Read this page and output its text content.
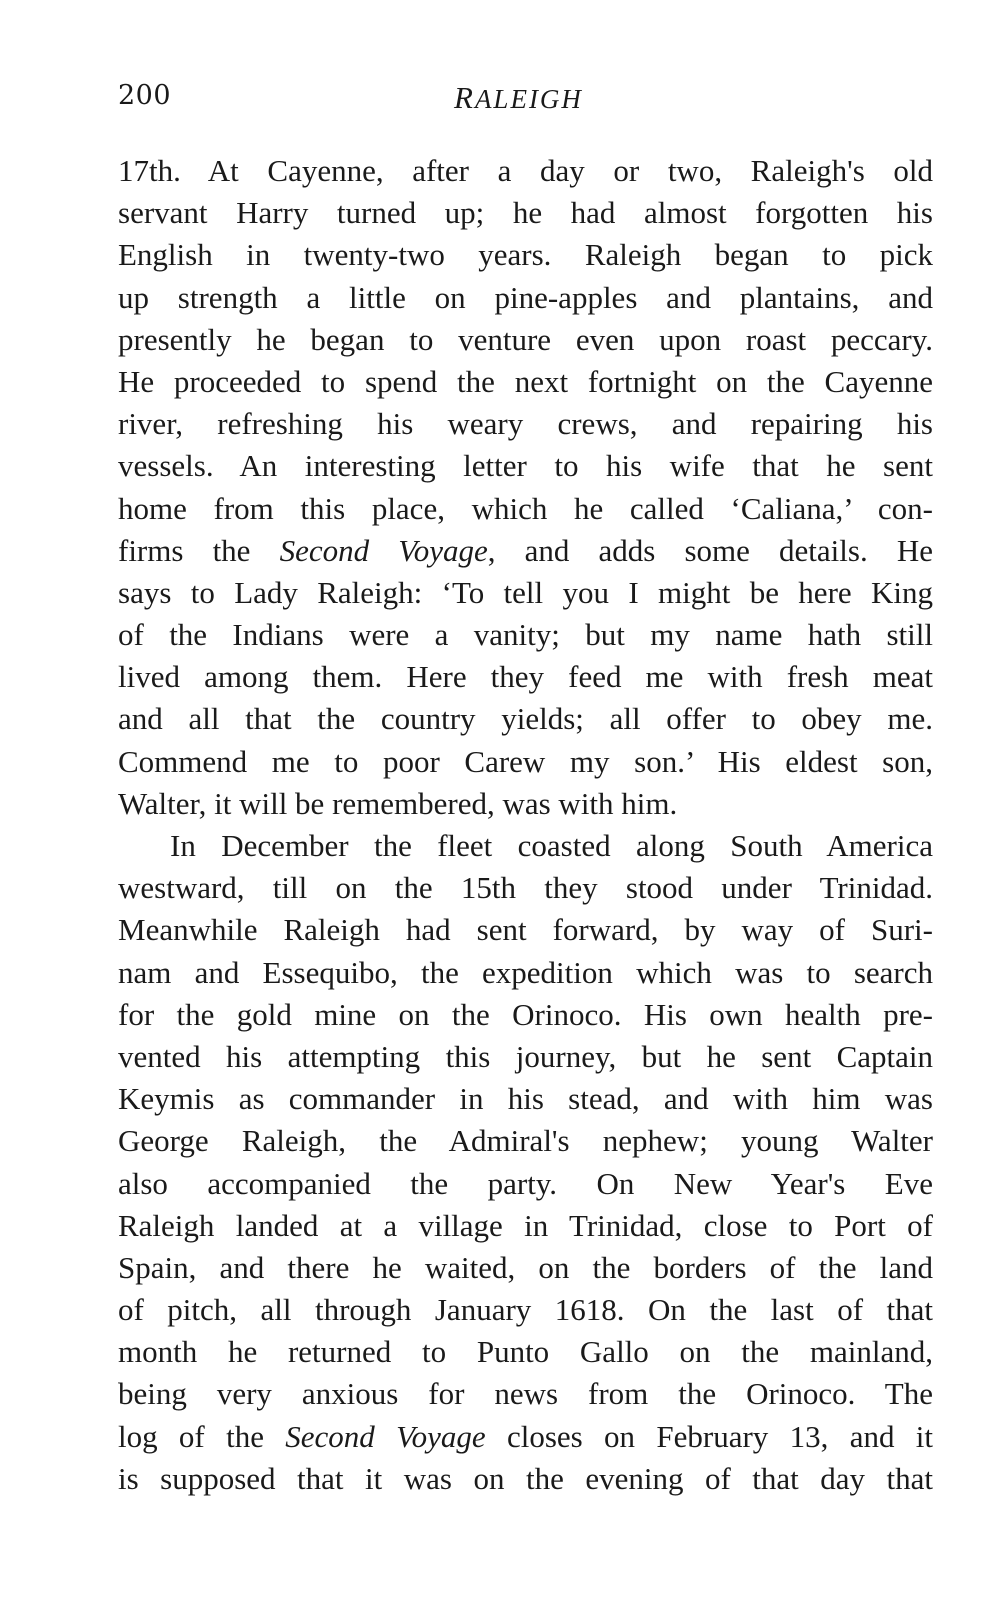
200	RALEIGH
17th. At Cayenne, after a day or two, Raleigh's old
servant Harry turned up; he had almost forgotten his
English in twenty-two years. Raleigh began to pick
up strength a little on pine-apples and plantains, and
presently he began to venture even upon roast peccary.
He proceeded to spend the next fortnight on the Cayenne
river, refreshing his weary crews, and repairing his
vessels. An interesting letter to his wife that he sent
home from this place, which he called ‘Caliana,’ con-
firms the Second Voyage, and adds some details. He
says to Lady Raleigh: ‘To tell you I might be here King
of the Indians were a vanity; but my name hath still
lived among them. Here they feed me with fresh meat
and all that the country yields; all offer to obey me.
Commend me to poor Carew my son.’ His eldest son,
Walter, it will be remembered, was with him.
In December the fleet coasted along South America
westward, till on the 15th they stood under Trinidad.
Meanwhile Raleigh had sent forward, by way of Suri-
nam and Essequibo, the expedition which was to search
for the gold mine on the Orinoco. His own health pre-
vented his attempting this journey, but he sent Captain
Keymis as commander in his stead, and with him was
George Raleigh, the Admiral's nephew; young Walter
also accompanied the party. On New Year's Eve
Raleigh landed at a village in Trinidad, close to Port of
Spain, and there he waited, on the borders of the land
of pitch, all through January 1618. On the last of that
month he returned to Punto Gallo on the mainland,
being very anxious for news from the Orinoco. The
log of the Second Voyage closes on February 13, and it
is supposed that it was on the evening of that day that
